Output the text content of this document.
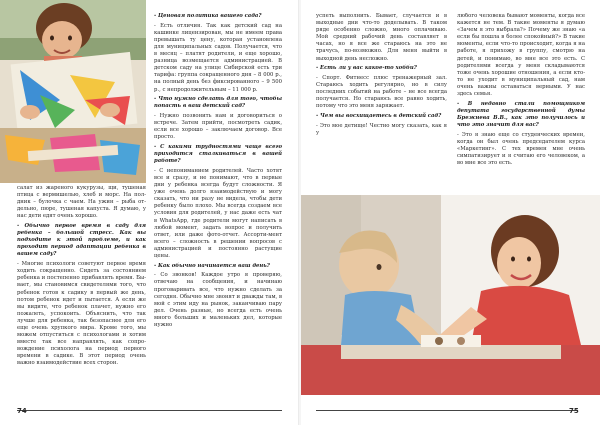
салат из жареного кукурузы, щи, тушеная птица с вермишелью, хлеб и морс. На пол- дник – булочка с чаем. На ужин – рыба от- дельно, пюре, тушеная капуста. Я думаю, у нас дети едят очень хорошо.

- Обычно первое время в саду для ребенка – большой стресс. Как вы подходите к этой проблеме, и как проходит период адаптации ребенка в вашем саду?

- Многие психологи советуют первое время ходить сокращенно. Сидеть за состоянием ребенка и постепенно прибавлять время. Бы-вает, мы становимся свидетелями того, что ребенок готов к садику в первый же день, потом ребенок идет и пытается. А если же вы видите, что ребенок плачет, нужно его пожалеть, успокоить. Объяснить, что так лучше для ребенка, так безопаснее для его еще очень хрупкого мира. Кроме того, мы можем отпуститься с психологами и хотим вместе так все направлять, как сопро-вождение психолога на период первого времени в садике. В этот период очень важно взаимодействие всех сторон.

- Ценовая политика вашего сада?

- Есть отличия. Так как детский сад на кашинке лицензирован, мы не имеем права превышать ту цену, которая установлена для муниципальных садов. Получается, что в месяц – платят родители, и еще хорошо, разница возмещается администрацией. В детском саду на улице Сибирской есть три тарифа: группа сокращенного дня – 8 000 р., на полный день без фиксированного – 9 500 р., с непродолжительным – 11 000 р.

- Что нужно сделать для того, чтобы попасть в ваш детский сад?

- Нужно позвонить нам и договориться о встрече. Затем прийти, посмотреть садик, если все хорошо – заключаем договор. Все просто.

- С какими трудностями чаще всего приходится сталкиваться в вашей работе?

- С непониманием родителей. Часто хотят все и сразу, и не понимают, что в первые дни у ребенка всегда будут сложности. Я уже очень долго взаимодействую и могу сказать, что ни разу не видела, чтобы дети ребенку было плохо. Мы всегда создаем все условия для родителей, у нас даже есть чат в WhatsApp, где родители могут написать в любой момент, задать вопрос и получить ответ, или даже фото-отчет. Ассорти-мент всего – сложность в решении вопросов с администрацией и постоянно растущие цены.

- Как обычно начинается ваш день?

- Со звонков! Каждое утро я проверяю, отвечаю на сообщения, и начинаю проговаривать все, что нужно сделать за сегодня. Обычно мне звонят и дважды там, в мой с этим иду на рынок, заканчиваю пару дел. Очень разные, но всегда есть очень много больших и маленьких дел, которые нужно

74

успеть выполнить. Бывает, случается и в выходные дни что-то доделывать. В таком ряде особенно сложно, много оплачиваю. Мой средний рабочий день составляет в часах, но я все же стараюсь на это не трачусь, по-возможно. Для меня выйти в выходной день несложно.

- Есть ли у вас какое-то хобби?

- Спорт. Фитнесс плюс тренажерный зал. Стараюсь ходить регулярно, но в силу последних событий на работе – не все всегда получается. Но стараюсь все равно ходить, потому что это меня заряжает.

- Чем вы восхищаетесь в детский сад?

- Это мое детище! Честно могу сказать, как я у

любого человека бывают моменты, когда все кажется не тем. В такие моменты я думаю «Зачем я это выбрала?» Почему же знаю «а если бы пошла в более спокойный?» В такие моменты, если что-то происходит, когда я на работе, я прихожу в группу, смотрю на детей, и понимаю, во мне все это есть. С родителями всегда у меня складываются тоже очень хорошие отношения, а если кто-то не уходит в муниципальный сад, нам очень важны оставаться верными. У нас здесь семья.

- В недавно стали помощником депутата государственной думы Брежнева В.В., как это получилось и что это значит для вас?

- Это я знаю еще со студенческих времен, когда он был очень председателем курса «Маркетинг». С тех времен мне очень симпатизирует и я считаю его человеком, а во мне все это есть.

75
